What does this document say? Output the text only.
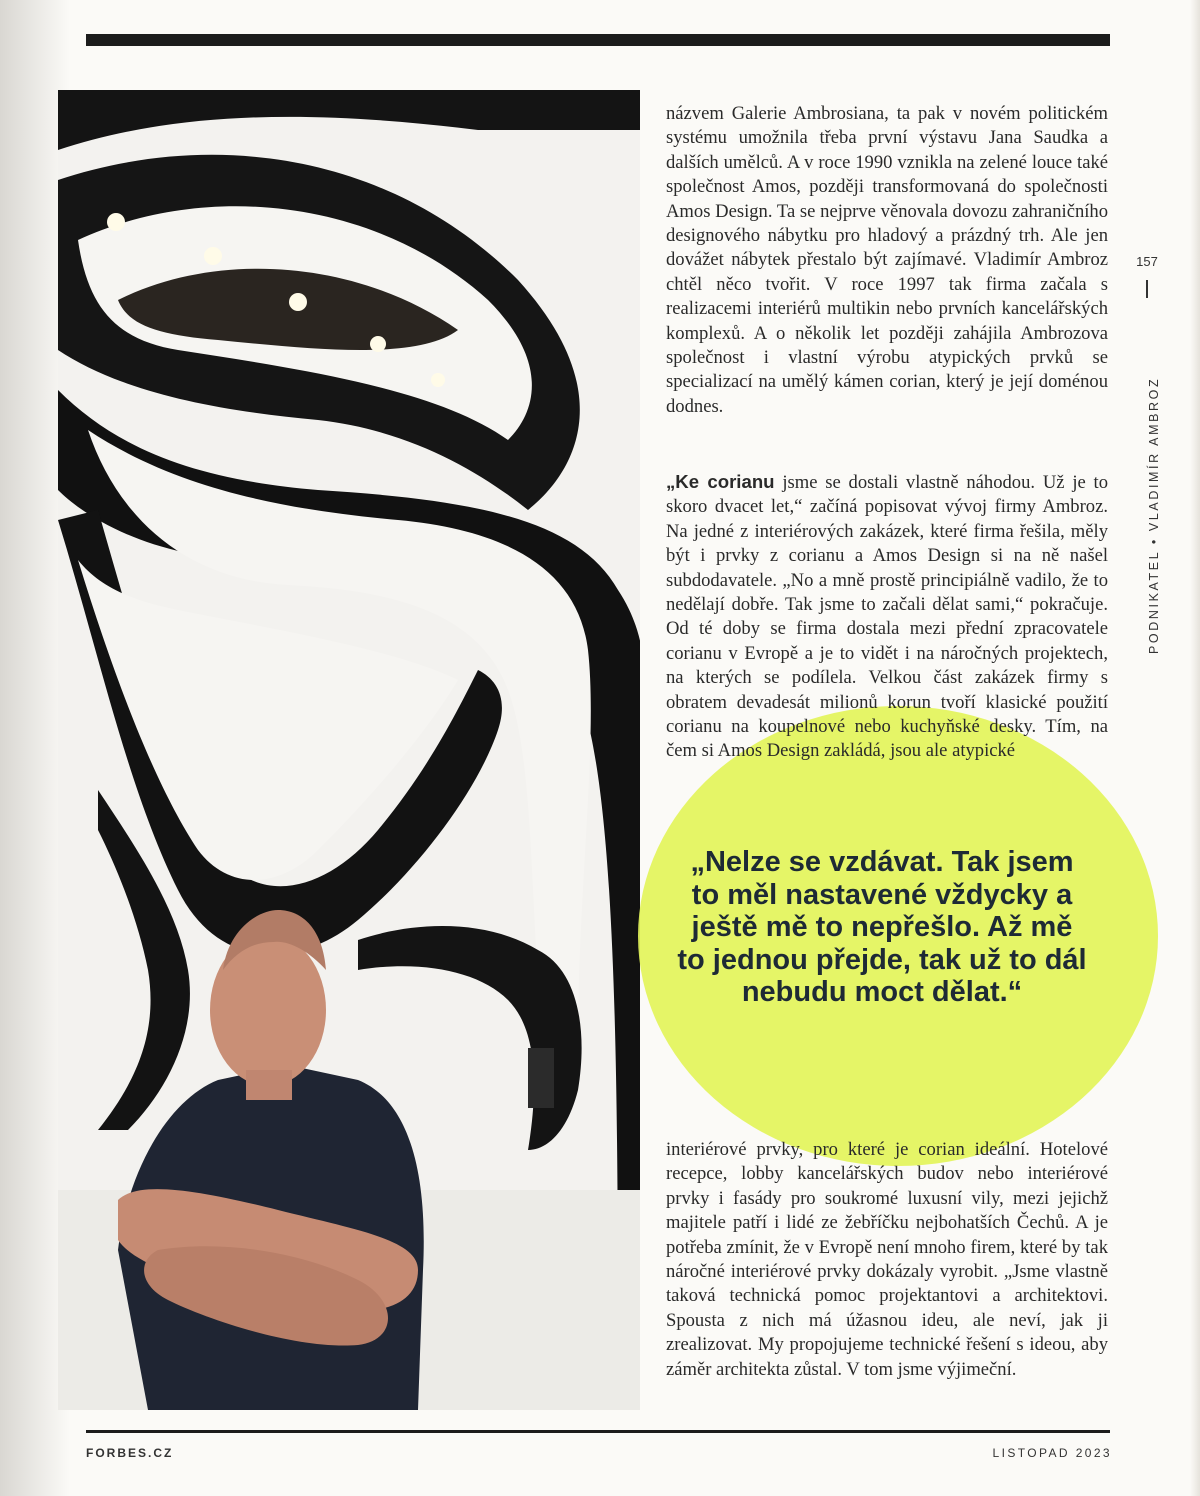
názvem Galerie Ambrosiana, ta pak v novém politickém systému umožnila třeba první výstavu Jana Saudka a dalších umělců. A v roce 1990 vznikla na zelené louce také společnost Amos, později transformovaná do společnosti Amos Design. Ta se nejprve věnovala dovozu zahraničního designového nábytku pro hladový a prázdný trh. Ale jen dovážet nábytek přestalo být zajímavé. Vladimír Ambroz chtěl něco tvořit. V roce 1997 tak firma začala s realizacemi interiérů multikin nebo prvních kancelářských komplexů. A o několik let později zahájila Ambrozova společnost i vlastní výrobu atypických prvků se specializací na umělý kámen corian, který je její doménou dodnes.

„Ke corianu jsme se dostali vlastně náhodou. Už je to skoro dvacet let,“ začíná popisovat vývoj firmy Ambroz. Na jedné z interiérových zakázek, které firma řešila, měly být i prvky z corianu a Amos Design si na ně našel subdodavatele. „No a mně prostě principiálně vadilo, že to nedělají dobře. Tak jsme to začali dělat sami,“ pokračuje. Od té doby se firma dostala mezi přední zpracovatele corianu v Evropě a je to vidět i na náročných projektech, na kterých se podílela. Velkou část zakázek firmy s obratem devadesát milionů korun tvoří klasické použití corianu na koupelnové nebo kuchyňské desky. Tím, na čem si Amos Design zakládá, jsou ale atypické

„Nelze se vzdávat. Tak jsem to měl nastavené vždycky a ještě mě to nepřešlo. Až mě to jednou přejde, tak už to dál nebudu moct dělat.“

interiérové prvky, pro které je corian ideální. Hotelové recepce, lobby kancelářských budov nebo interiérové prvky i fasády pro soukromé luxusní vily, mezi jejichž majitele patří i lidé ze žebříčku nejbohatších Čechů. A je potřeba zmínit, že v Evropě není mnoho firem, které by tak náročné interiérové prvky dokázaly vyrobit. „Jsme vlastně taková technická pomoc projektantovi a architektovi. Spousta z nich má úžasnou ideu, ale neví, jak ji zrealizovat. My propojujeme technické řešení s ideou, aby záměr architekta zůstal. V tom jsme výjimeční.

157
PODNIKATEL • VLADIMÍR AMBROZ
FORBES.CZ	LISTOPAD 2023
